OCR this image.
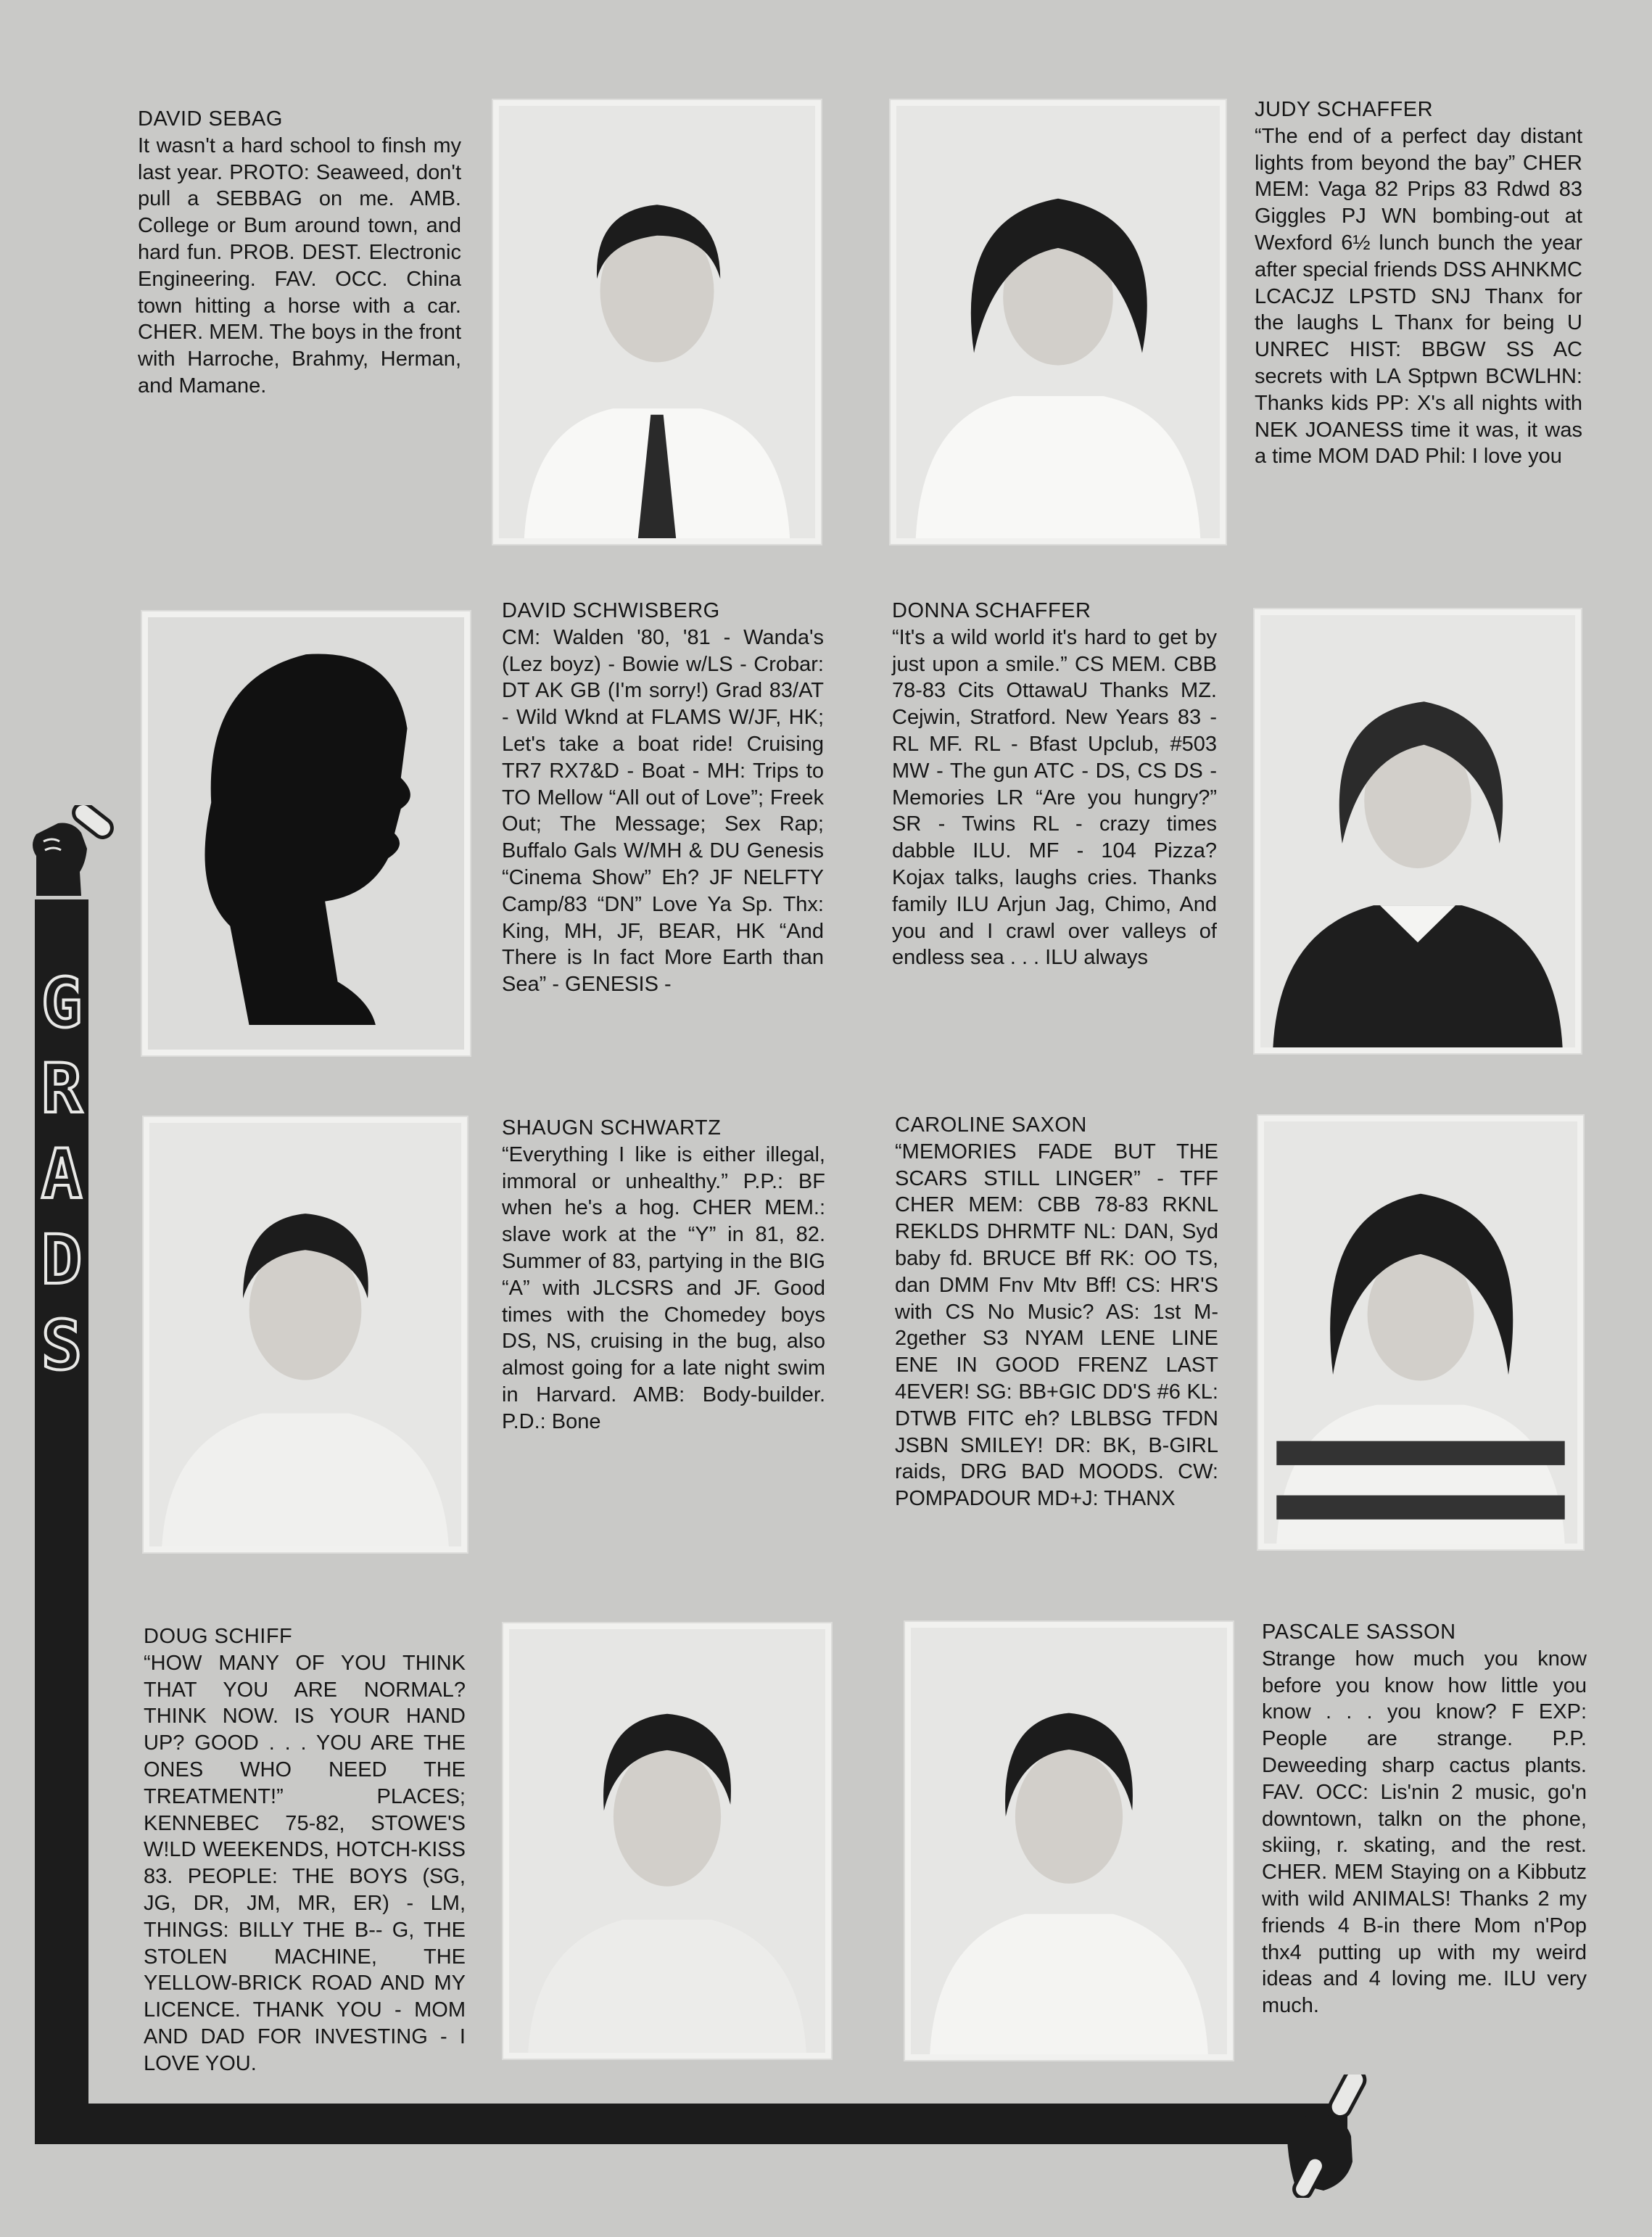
G
R
A
D
S
DAVID SEBAG
It wasn't a hard school to finsh my last year. PROTO: Seaweed, don't pull a SEBBAG on me. AMB. College or Bum around town, and hard fun. PROB. DEST. Electronic Engineering. FAV. OCC. China town hitting a horse with a car. CHER. MEM. The boys in the front with Harroche, Brahmy, Herman, and Mamane.
JUDY SCHAFFER
“The end of a perfect day distant lights from beyond the bay” CHER MEM: Vaga 82 Prips 83 Rdwd 83 Giggles PJ WN bombing-out at Wexford 6½ lunch bunch the year after special friends DSS AHNKMC LCACJZ LPSTD SNJ Thanx for the laughs L Thanx for being U UNREC HIST: BBGW SS AC secrets with LA Sptpwn BCWLHN: Thanks kids PP: X's all nights with NEK JOANESS time it was, it was a time MOM DAD Phil: I love you
DAVID SCHWISBERG
CM: Walden '80, '81 - Wanda's (Lez boyz) - Bowie w/LS - Crobar: DT AK GB (I'm sorry!) Grad 83/AT - Wild Wknd at FLAMS W/JF, HK; Let's take a boat ride! Cruising TR7 RX7&D - Boat - MH: Trips to TO Mellow “All out of Love”; Freek Out; The Message; Sex Rap; Buffalo Gals W/MH & DU Genesis “Cinema Show” Eh? JF NELFTY Camp/83 “DN” Love Ya Sp. Thx: King, MH, JF, BEAR, HK “And There is In fact More Earth than Sea” - GENESIS -
DONNA SCHAFFER
“It's a wild world it's hard to get by just upon a smile.” CS MEM. CBB 78-83 Cits OttawaU Thanks MZ. Cejwin, Stratford. New Years 83 - RL MF. RL - Bfast Upclub, #503 MW - The gun ATC - DS, CS DS - Memories LR “Are you hungry?” SR - Twins RL - crazy times dabble ILU. MF - 104 Pizza? Kojax talks, laughs cries. Thanks family ILU Arjun Jag, Chimo, And you and I crawl over valleys of endless sea . . . ILU always
SHAUGN SCHWARTZ
“Everything I like is either illegal, immoral or unhealthy.” P.P.: BF when he's a hog. CHER MEM.: slave work at the “Y” in 81, 82. Summer of 83, partying in the BIG “A” with JLCSRS and JF. Good times with the Chomedey boys DS, NS, cruising in the bug, also almost going for a late night swim in Harvard. AMB: Body-builder. P.D.: Bone
CAROLINE SAXON
“MEMORIES FADE BUT THE SCARS STILL LINGER” - TFF CHER MEM: CBB 78-83 RKNL REKLDS DHRMTF NL: DAN, Syd baby fd. BRUCE Bff RK: OO TS, dan DMM Fnv Mtv Bff! CS: HR'S with CS No Music? AS: 1st M-2gether S3 NYAM LENE LINE ENE IN GOOD FRENZ LAST 4EVER! SG: BB+GIC DD'S #6 KL: DTWB FITC eh? LBLBSG TFDN JSBN SMILEY! DR: BK, B-GIRL raids, DRG BAD MOODS. CW: POMPADOUR MD+J: THANX
DOUG SCHIFF
“HOW MANY OF YOU THINK THAT YOU ARE NORMAL? THINK NOW. IS YOUR HAND UP? GOOD . . . YOU ARE THE ONES WHO NEED THE TREATMENT!” PLACES; KENNEBEC 75-82, STOWE'S W!LD WEEKENDS, HOTCH-KISS 83. PEOPLE: THE BOYS (SG, JG, DR, JM, MR, ER) - LM, THINGS: BILLY THE B-- G, THE STOLEN MACHINE, THE YELLOW-BRICK ROAD AND MY LICENCE. THANK YOU - MOM AND DAD FOR INVESTING - I LOVE YOU.
PASCALE SASSON
Strange how much you know before you know how little you know . . . you know? F EXP: People are strange. P.P. Deweeding sharp cactus plants. FAV. OCC: Lis'nin 2 music, go'n downtown, talkn on the phone, skiing, r. skating, and the rest. CHER. MEM Staying on a Kibbutz with wild ANIMALS! Thanks 2 my friends 4 B-in there Mom n'Pop thx4 putting up with my weird ideas and 4 loving me. ILU very much.
